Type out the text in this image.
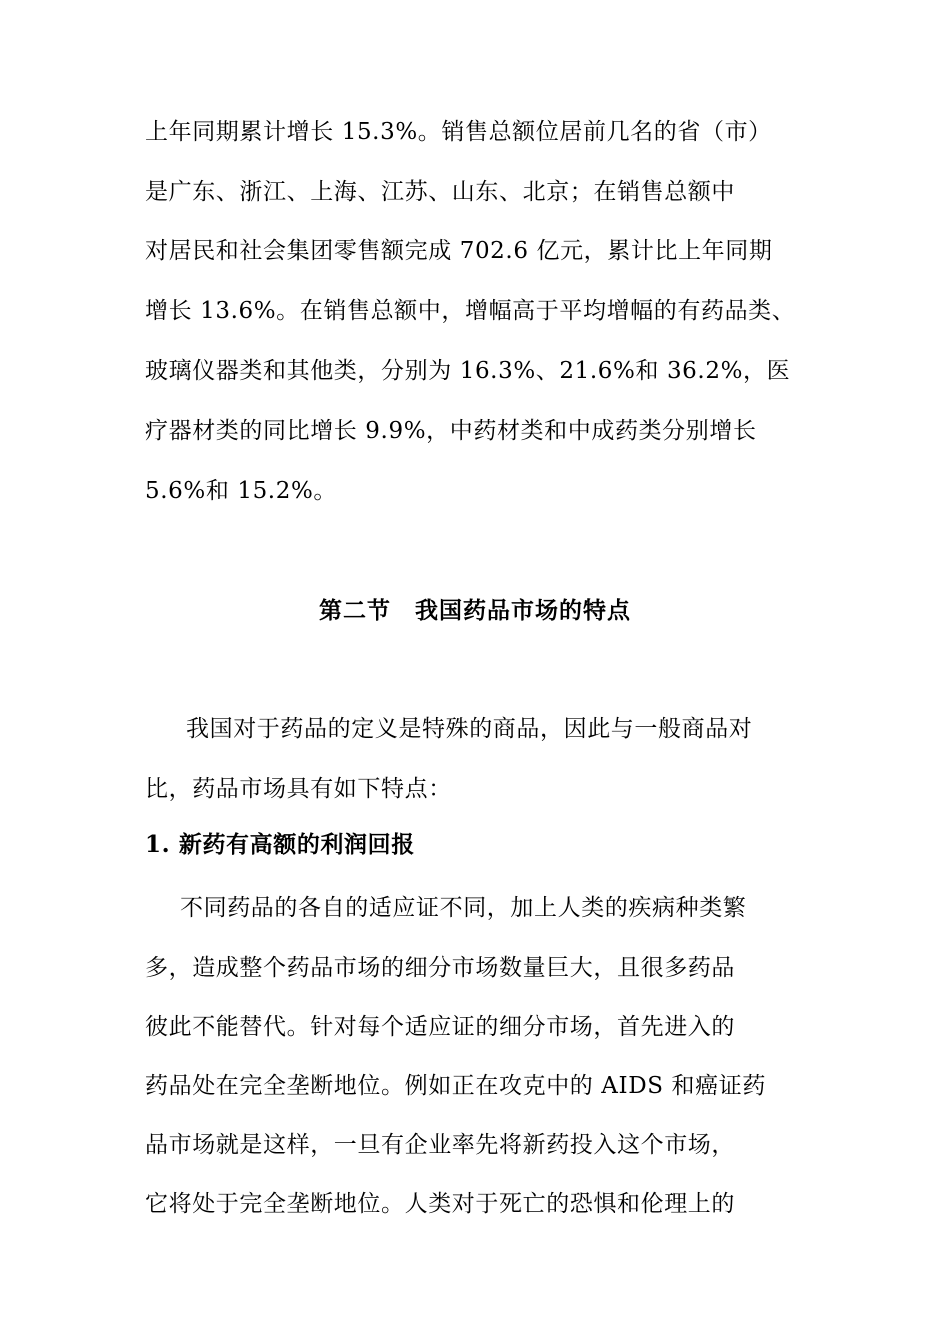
上年同期累计增长 15.3%。销售总额位居前几名的省（市）
是广东、浙江、上海、江苏、山东、北京；在销售总额中
对居民和社会集团零售额完成 702.6 亿元，累计比上年同期
增长 13.6%。在销售总额中，增幅高于平均增幅的有药品类、
玻璃仪器类和其他类，分别为 16.3%、21.6%和 36.2%，医
疗器材类的同比增长 9.9%，中药材类和中成药类分别增长
5.6%和 15.2%。
第二节　我国药品市场的特点
我国对于药品的定义是特殊的商品，因此与一般商品对
比，药品市场具有如下特点：
1. 新药有高额的利润回报
不同药品的各自的适应证不同，加上人类的疾病种类繁
多，造成整个药品市场的细分市场数量巨大，且很多药品
彼此不能替代。针对每个适应证的细分市场，首先进入的
药品处在完全垄断地位。例如正在攻克中的 AIDS 和癌证药
品市场就是这样，一旦有企业率先将新药投入这个市场，
它将处于完全垄断地位。人类对于死亡的恐惧和伦理上的
